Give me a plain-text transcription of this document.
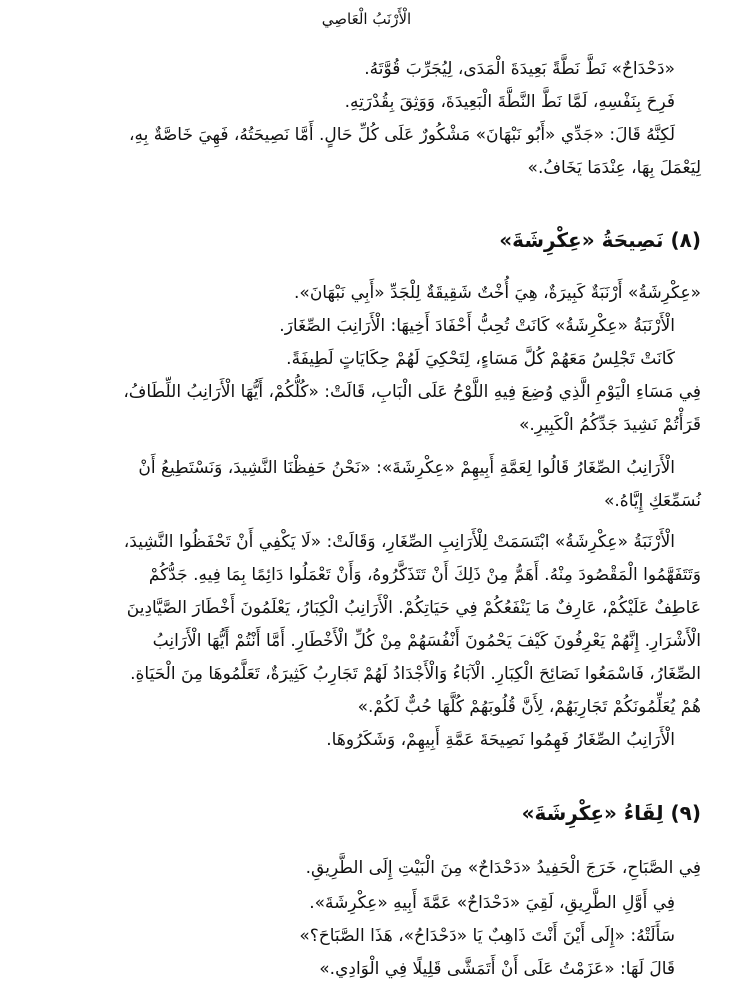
الْأَرْنَبُ الْعَاصِي
«دَحْدَاحٌ» نَطَّ نَطَّةً بَعِيدَةَ الْمَدَى، لِيُجَرِّبَ قُوَّتَهُ.
فَرِحَ بِنَفْسِهِ، لَمَّا نَطَّ النَّطَّةَ الْبَعِيدَةَ، وَوَثِقَ بِقُدْرَتِهِ.
لَكِنَّهُ قَالَ: «جَدِّي «أَبُو نَبْهَانَ» مَشْكُورٌ عَلَى كُلِّ حَالٍ. أَمَّا نَصِيحَتُهُ، فَهِيَ خَاصَّةٌ بِهِ،
لِيَعْمَلَ بِهَا، عِنْدَمَا يَخَافُ.»
(٨) نَصِيحَةُ «عِكْرِشَةَ»
«عِكْرِشَةُ» أَرْنَبَةٌ كَبِيرَةٌ، هِيَ أُخْتٌ شَقِيقَةٌ لِلْجَدِّ «أَبِي نَبْهَانَ».
الْأَرْنَبَةُ «عِكْرِشَةُ» كَانَتْ تُحِبُّ أَحْفَادَ أَخِيهَا: الْأَرَانِبَ الصِّغَارَ.
كَانَتْ تَجْلِسُ مَعَهُمْ كُلَّ مَسَاءٍ، لِتَحْكِيَ لَهُمْ حِكَايَاتٍ لَطِيفَةً.
فِي مَسَاءِ الْيَوْمِ الَّذِي وُضِعَ فِيهِ اللَّوْحُ عَلَى الْبَابِ، قَالَتْ: «كُلُّكُمْ، أَيُّهَا الْأَرَانِبُ اللِّطَافُ،
قَرَأْتُمْ نَشِيدَ جَدِّكُمُ الْكَبِيرِ.»
الْأَرَانِبُ الصِّغَارُ قَالُوا لِعَمَّةِ أَبِيهِمْ «عِكْرِشَةَ»: «نَحْنُ حَفِظْنَا النَّشِيدَ، وَنَسْتَطِيعُ أَنْ
نُسَمِّعَكِ إِيَّاهُ.»
الْأَرْنَبَةُ «عِكْرِشَةُ» ابْتَسَمَتْ لِلْأَرَانِبِ الصِّغَارِ، وَقَالَتْ: «لَا يَكْفِي أَنْ تَحْفَظُوا النَّشِيدَ،
وَتَتَفَهَّمُوا الْمَقْصُودَ مِنْهُ. أَهَمُّ مِنْ ذَلِكَ أَنْ تَتَذَكَّرُوهُ، وَأَنْ تَعْمَلُوا دَائِمًا بِمَا فِيهِ. جَدُّكُمْ
عَاطِفٌ عَلَيْكُمْ، عَارِفٌ مَا يَنْفَعُكُمْ فِي حَيَاتِكُمْ. الْأَرَانِبُ الْكِبَارُ، يَعْلَمُونَ أَخْطَارَ الصَّيَّادِينَ
الْأَشْرَارِ. إِنَّهُمْ يَعْرِفُونَ كَيْفَ يَحْمُونَ أَنْفُسَهُمْ مِنْ كُلِّ الْأَخْطَارِ. أَمَّا أَنْتُمْ أَيُّهَا الْأَرَانِبُ
الصِّغَارُ، فَاسْمَعُوا نَصَائِحَ الْكِبَارِ. الْآبَاءُ وَالْأَجْدَادُ لَهُمْ تَجَارِبُ كَثِيرَةٌ، تَعَلَّمُوهَا مِنَ الْحَيَاةِ.
هُمْ يُعَلِّمُونَكُمْ تَجَارِبَهُمْ، لِأَنَّ قُلُوبَهُمْ كُلَّهَا حُبٌّ لَكُمْ.»
الْأَرَانِبُ الصِّغَارُ فَهِمُوا نَصِيحَةَ عَمَّةِ أَبِيهِمْ، وَشَكَرُوهَا.
(٩) لِقَاءُ «عِكْرِشَةَ»
فِي الصَّبَاحِ، خَرَجَ الْحَفِيدُ «دَحْدَاحٌ» مِنَ الْبَيْتِ إِلَى الطَّرِيقِ.
فِي أَوَّلِ الطَّرِيقِ، لَقِيَ «دَحْدَاحٌ» عَمَّةَ أَبِيهِ «عِكْرِشَةَ».
سَأَلَتْهُ: «إِلَى أَيْنَ أَنْتَ ذَاهِبٌ يَا «دَحْدَاحُ»، هَذَا الصَّبَاحَ؟»
قَالَ لَهَا: «عَزَمْتُ عَلَى أَنْ أَتَمَشَّى قَلِيلًا فِي الْوَادِي.»
